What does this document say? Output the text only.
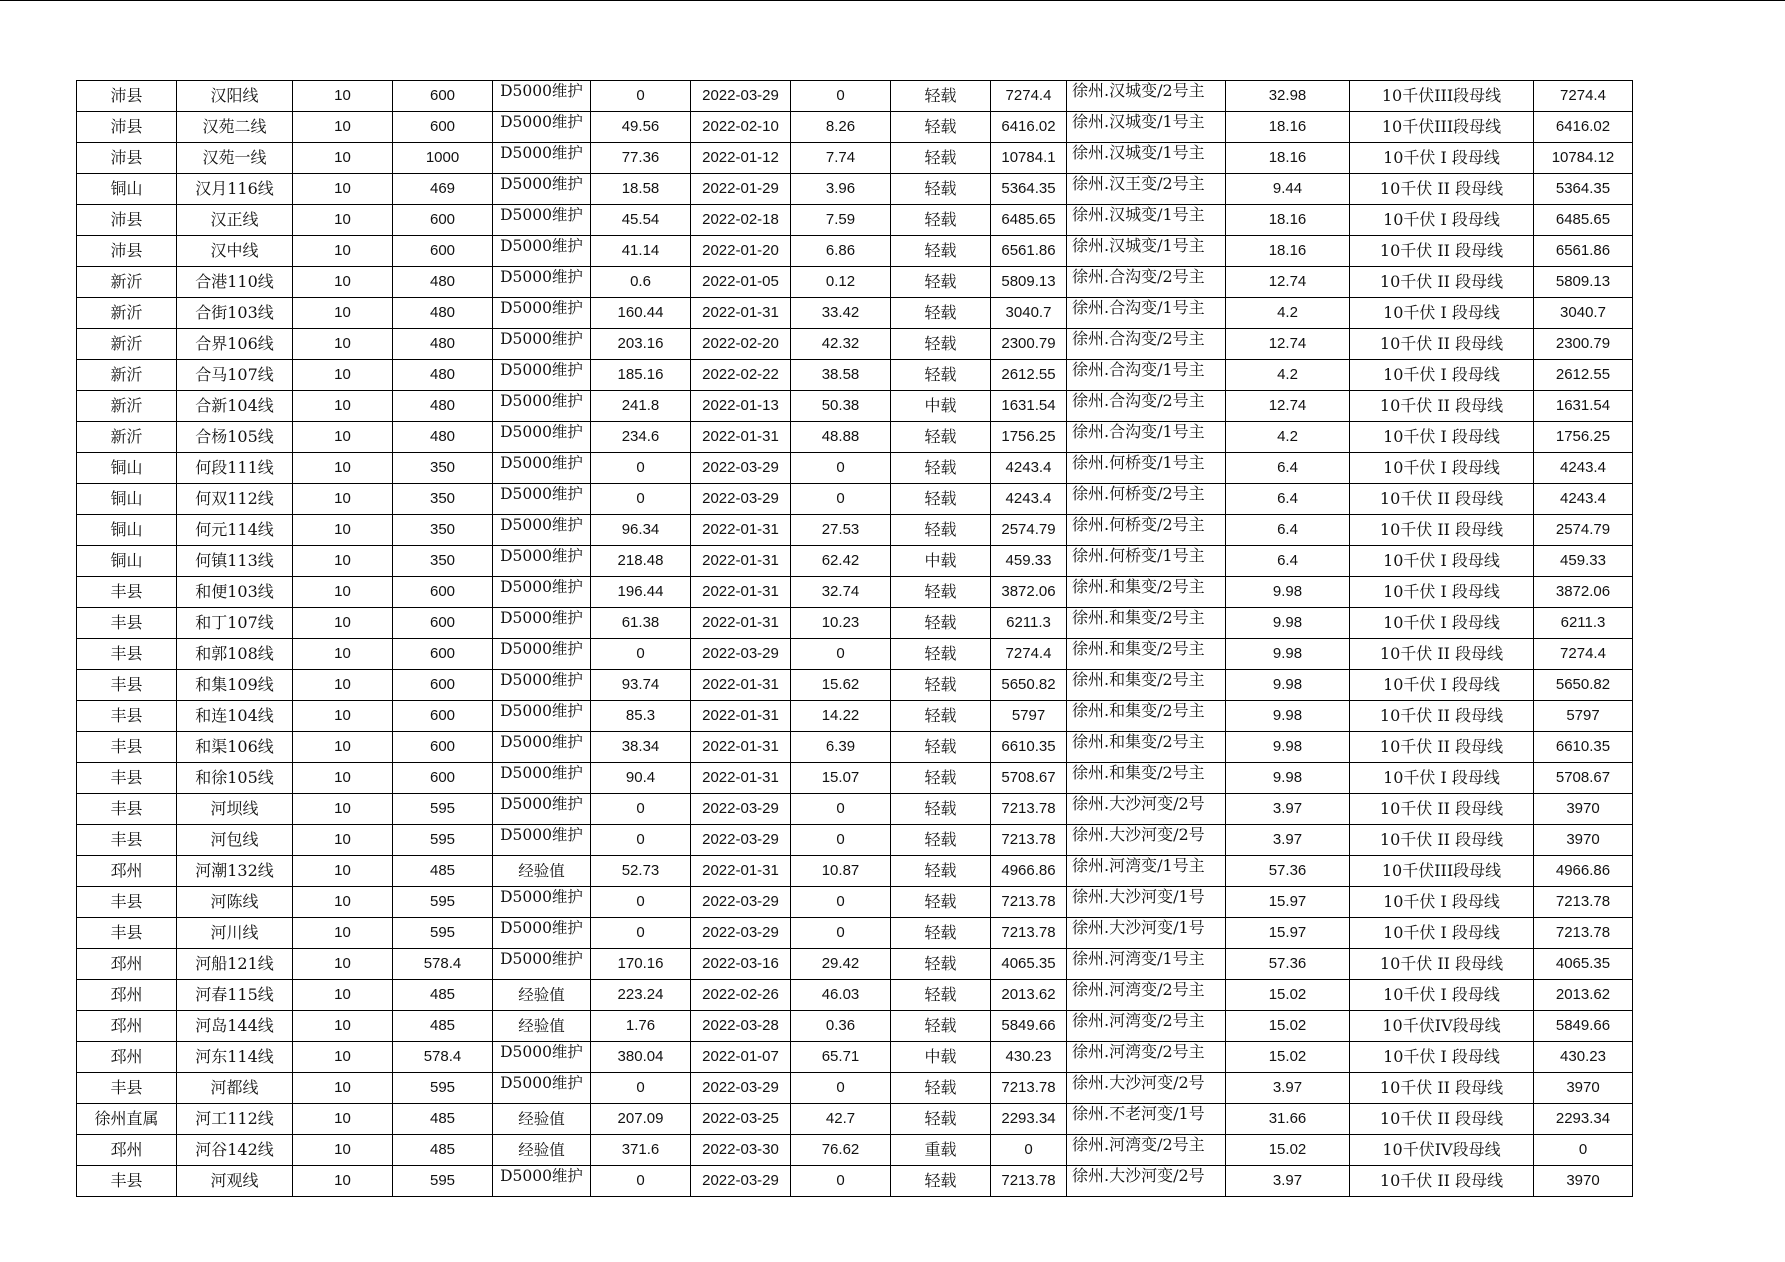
沛县	汉阳线	10	600	D5000维护	0	2022-03-29	0	轻载	7274.4	徐州.汉城变/2号主	32.98	10千伏III段母线	7274.4
沛县	汉苑二线	10	600	D5000维护	49.56	2022-02-10	8.26	轻载	6416.02	徐州.汉城变/1号主	18.16	10千伏III段母线	6416.02
沛县	汉苑一线	10	1000	D5000维护	77.36	2022-01-12	7.74	轻载	10784.1	徐州.汉城变/1号主	18.16	10千伏 I 段母线	10784.12
铜山	汉月116线	10	469	D5000维护	18.58	2022-01-29	3.96	轻载	5364.35	徐州.汉王变/2号主	9.44	10千伏 II 段母线	5364.35
沛县	汉正线	10	600	D5000维护	45.54	2022-02-18	7.59	轻载	6485.65	徐州.汉城变/1号主	18.16	10千伏 I 段母线	6485.65
沛县	汉中线	10	600	D5000维护	41.14	2022-01-20	6.86	轻载	6561.86	徐州.汉城变/1号主	18.16	10千伏 II 段母线	6561.86
新沂	合港110线	10	480	D5000维护	0.6	2022-01-05	0.12	轻载	5809.13	徐州.合沟变/2号主	12.74	10千伏 II 段母线	5809.13
新沂	合街103线	10	480	D5000维护	160.44	2022-01-31	33.42	轻载	3040.7	徐州.合沟变/1号主	4.2	10千伏 I 段母线	3040.7
新沂	合界106线	10	480	D5000维护	203.16	2022-02-20	42.32	轻载	2300.79	徐州.合沟变/2号主	12.74	10千伏 II 段母线	2300.79
新沂	合马107线	10	480	D5000维护	185.16	2022-02-22	38.58	轻载	2612.55	徐州.合沟变/1号主	4.2	10千伏 I 段母线	2612.55
新沂	合新104线	10	480	D5000维护	241.8	2022-01-13	50.38	中载	1631.54	徐州.合沟变/2号主	12.74	10千伏 II 段母线	1631.54
新沂	合杨105线	10	480	D5000维护	234.6	2022-01-31	48.88	轻载	1756.25	徐州.合沟变/1号主	4.2	10千伏 I 段母线	1756.25
铜山	何段111线	10	350	D5000维护	0	2022-03-29	0	轻载	4243.4	徐州.何桥变/1号主	6.4	10千伏 I 段母线	4243.4
铜山	何双112线	10	350	D5000维护	0	2022-03-29	0	轻载	4243.4	徐州.何桥变/2号主	6.4	10千伏 II 段母线	4243.4
铜山	何元114线	10	350	D5000维护	96.34	2022-01-31	27.53	轻载	2574.79	徐州.何桥变/2号主	6.4	10千伏 II 段母线	2574.79
铜山	何镇113线	10	350	D5000维护	218.48	2022-01-31	62.42	中载	459.33	徐州.何桥变/1号主	6.4	10千伏 I 段母线	459.33
丰县	和便103线	10	600	D5000维护	196.44	2022-01-31	32.74	轻载	3872.06	徐州.和集变/2号主	9.98	10千伏 I 段母线	3872.06
丰县	和丁107线	10	600	D5000维护	61.38	2022-01-31	10.23	轻载	6211.3	徐州.和集变/2号主	9.98	10千伏 I 段母线	6211.3
丰县	和郭108线	10	600	D5000维护	0	2022-03-29	0	轻载	7274.4	徐州.和集变/2号主	9.98	10千伏 II 段母线	7274.4
丰县	和集109线	10	600	D5000维护	93.74	2022-01-31	15.62	轻载	5650.82	徐州.和集变/2号主	9.98	10千伏 I 段母线	5650.82
丰县	和连104线	10	600	D5000维护	85.3	2022-01-31	14.22	轻载	5797	徐州.和集变/2号主	9.98	10千伏 II 段母线	5797
丰县	和渠106线	10	600	D5000维护	38.34	2022-01-31	6.39	轻载	6610.35	徐州.和集变/2号主	9.98	10千伏 II 段母线	6610.35
丰县	和徐105线	10	600	D5000维护	90.4	2022-01-31	15.07	轻载	5708.67	徐州.和集变/2号主	9.98	10千伏 I 段母线	5708.67
丰县	河坝线	10	595	D5000维护	0	2022-03-29	0	轻载	7213.78	徐州.大沙河变/2号	3.97	10千伏 II 段母线	3970
丰县	河包线	10	595	D5000维护	0	2022-03-29	0	轻载	7213.78	徐州.大沙河变/2号	3.97	10千伏 II 段母线	3970
邳州	河潮132线	10	485	经验值	52.73	2022-01-31	10.87	轻载	4966.86	徐州.河湾变/1号主	57.36	10千伏III段母线	4966.86
丰县	河陈线	10	595	D5000维护	0	2022-03-29	0	轻载	7213.78	徐州.大沙河变/1号	15.97	10千伏 I 段母线	7213.78
丰县	河川线	10	595	D5000维护	0	2022-03-29	0	轻载	7213.78	徐州.大沙河变/1号	15.97	10千伏 I 段母线	7213.78
邳州	河船121线	10	578.4	D5000维护	170.16	2022-03-16	29.42	轻载	4065.35	徐州.河湾变/1号主	57.36	10千伏 II 段母线	4065.35
邳州	河春115线	10	485	经验值	223.24	2022-02-26	46.03	轻载	2013.62	徐州.河湾变/2号主	15.02	10千伏 I 段母线	2013.62
邳州	河岛144线	10	485	经验值	1.76	2022-03-28	0.36	轻载	5849.66	徐州.河湾变/2号主	15.02	10千伏IV段母线	5849.66
邳州	河东114线	10	578.4	D5000维护	380.04	2022-01-07	65.71	中载	430.23	徐州.河湾变/2号主	15.02	10千伏 I 段母线	430.23
丰县	河都线	10	595	D5000维护	0	2022-03-29	0	轻载	7213.78	徐州.大沙河变/2号	3.97	10千伏 II 段母线	3970
徐州直属	河工112线	10	485	经验值	207.09	2022-03-25	42.7	轻载	2293.34	徐州.不老河变/1号	31.66	10千伏 II 段母线	2293.34
邳州	河谷142线	10	485	经验值	371.6	2022-03-30	76.62	重载	0	徐州.河湾变/2号主	15.02	10千伏IV段母线	0
丰县	河观线	10	595	D5000维护	0	2022-03-29	0	轻载	7213.78	徐州.大沙河变/2号	3.97	10千伏 II 段母线	3970
